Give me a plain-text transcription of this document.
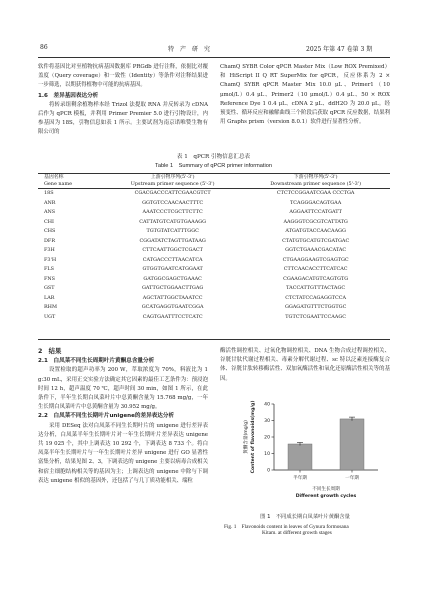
86	特　产　研　究	2025 年第 47 卷第 3 期

软件将基因比对至植物抗病基因数据库 PRGdb 进行注释，依据比对覆盖度（Query coverage）和一致性（Identity）等条件对注释结果进一步筛选，以期获得植物中可能的抗病基因。

1.6　差异基因表达分析

将转录组剩余植物样本经 Trizol 法提取 RNA 并反转录为 cDNA 后作为 qPCR 模板，并利用 Primer Premier 5.0 进行引物设计，内参基因为 18S，引物信息如表 1 所示。主要试剂为南京诺唯赞生物有限公司的

ChamQ SYBR Color qPCR Master Mix（Low ROX Premixed）和 HiScript II Q RT SuperMix for qPCR，反应体系为 2 × ChamQ SYBR qPCR Master Mix 10.0 μL、Primer1（10 μmol/L）0.4 μL、Primer2（10 μmol/L）0.4 μL、50 × ROX Reference Dye 1 0.4 μL、cDNA 2 μL、ddH2O 为 20.0 μL。经预变性、循环反应和融解曲线三个阶段后获取 qPCR 反应数据，结果利用 Graphs prism（version 8.0.1）软件进行显著性分析。

表 1　qPCR 引物信息汇总表
Table 1　Summary of qPCR primer information
基因名称	上游引物序列(5'-3')	下游引物序列(5'-3')
Gene name	Upstream primer sequence (5'-3')	Downstream primer sequence (5'-3')
18S	CGACGACCCATTCGAACGTCT	CTCTCCGGAATCGAA CCCTGA
ANR	GGTGTCCAACAACTTTC	TCAGGGACAGTGAA
ANS	AAATCCCTCGCTTCTTC	AGGAATTCCATGATT
CHI	CATTATGTCATGTGAAAGG	AAGGGTCGCGTCATTATG
CHS	TGTGTATCATTTGGC	ATGATGTACCAACAAGG
DFR	CGGATATCTAGTTGATAAG	CTATGTGCATGTCGATGAC
F3H	CTTCAATTGGCTCGACT	GGTCTGAAACGACATAC
F3'H	CATGACCCTTAACATCA	CTGAAGGAAGTCGAGTGC
FLS	GTGGTGAATCATGGAAT	CTTCAACACCTTCATCAC
FNS	GATGGCGAGCTGAAAC	CGAAGACATGTCAGTGTG
GST	GATTGCTGGAACTTGAG	TACCATTGTTTACTAGC
LAR	AGCTATTGGCTAAATCC	CTCTATCCAGAGGTCCA
RHM	GCATGAGGTGAATCGGA	GGAGATGTTTCTGGTGC
UGT	CAGTGAATTTCCTCATC	TGTCTCGAATTCCAAGC

2　结果

2.1　白凤菜不同生长周期叶片黄酮总含量分析

设置检取的超声功率为 200 W，萃取浓度为 70%，料液比为 1 g:30 mL，采用正交实验方法确定其它因素的最佳工艺条件为：预浸泡时间 12 h，超声温度 70 ℃，超声时间 30 min，如图 1 所示，在此条件下，半年生长期白凤菜叶片中总黄酮含量为 15.768 mg/g，一年生长期白凤菜叶片中总黄酮含量为 30.952 mg/g。

2.2　白凤菜不同生长期叶片unigene的差异表达分析

采用 DESeq 法对白凤菜不同生长期叶片的 unigene 进行差异表达分析，白凤菜半年生长期叶片对一年生长期叶片差异表达 unigene 共 19 025 个，其中上调表达 10 292 个，下调表达 8 733 个。将白凤菜半年生长期叶片与一年生长期叶片差异 unigene 进行 GO 显著性富集分析，结果见图 2、3，下调表达的 unigene 主要以病毒合成相关和宿主细胞结构相关等的基因为主；上调表达的 unigene 中除与下调表达 unigene 相似的基因外，还包括了与几丁质功能相关、端粒

酶活性调控相关、过氧化物调控相关、DNA 生物合成过程调控相关、谷胱甘肽代谢过程相关、毒素分解代谢过程、sc 特以泛素连接酶复合体、谷胱甘肽转移酶活性、双加氧酶活性和氧化还原酶活性相关等的基因。

0
10
20
30
40
半年期	一年期
不同生长周期
Different growth cycles
黄酮含量(mg/g) Content of flavonoids(mg/g)
图 1　不同成长期白凤菜叶片黄酮含量
Fig. 1　Flavonoids content in leaves of Gynura formosana
Kitam. at different growth stages
